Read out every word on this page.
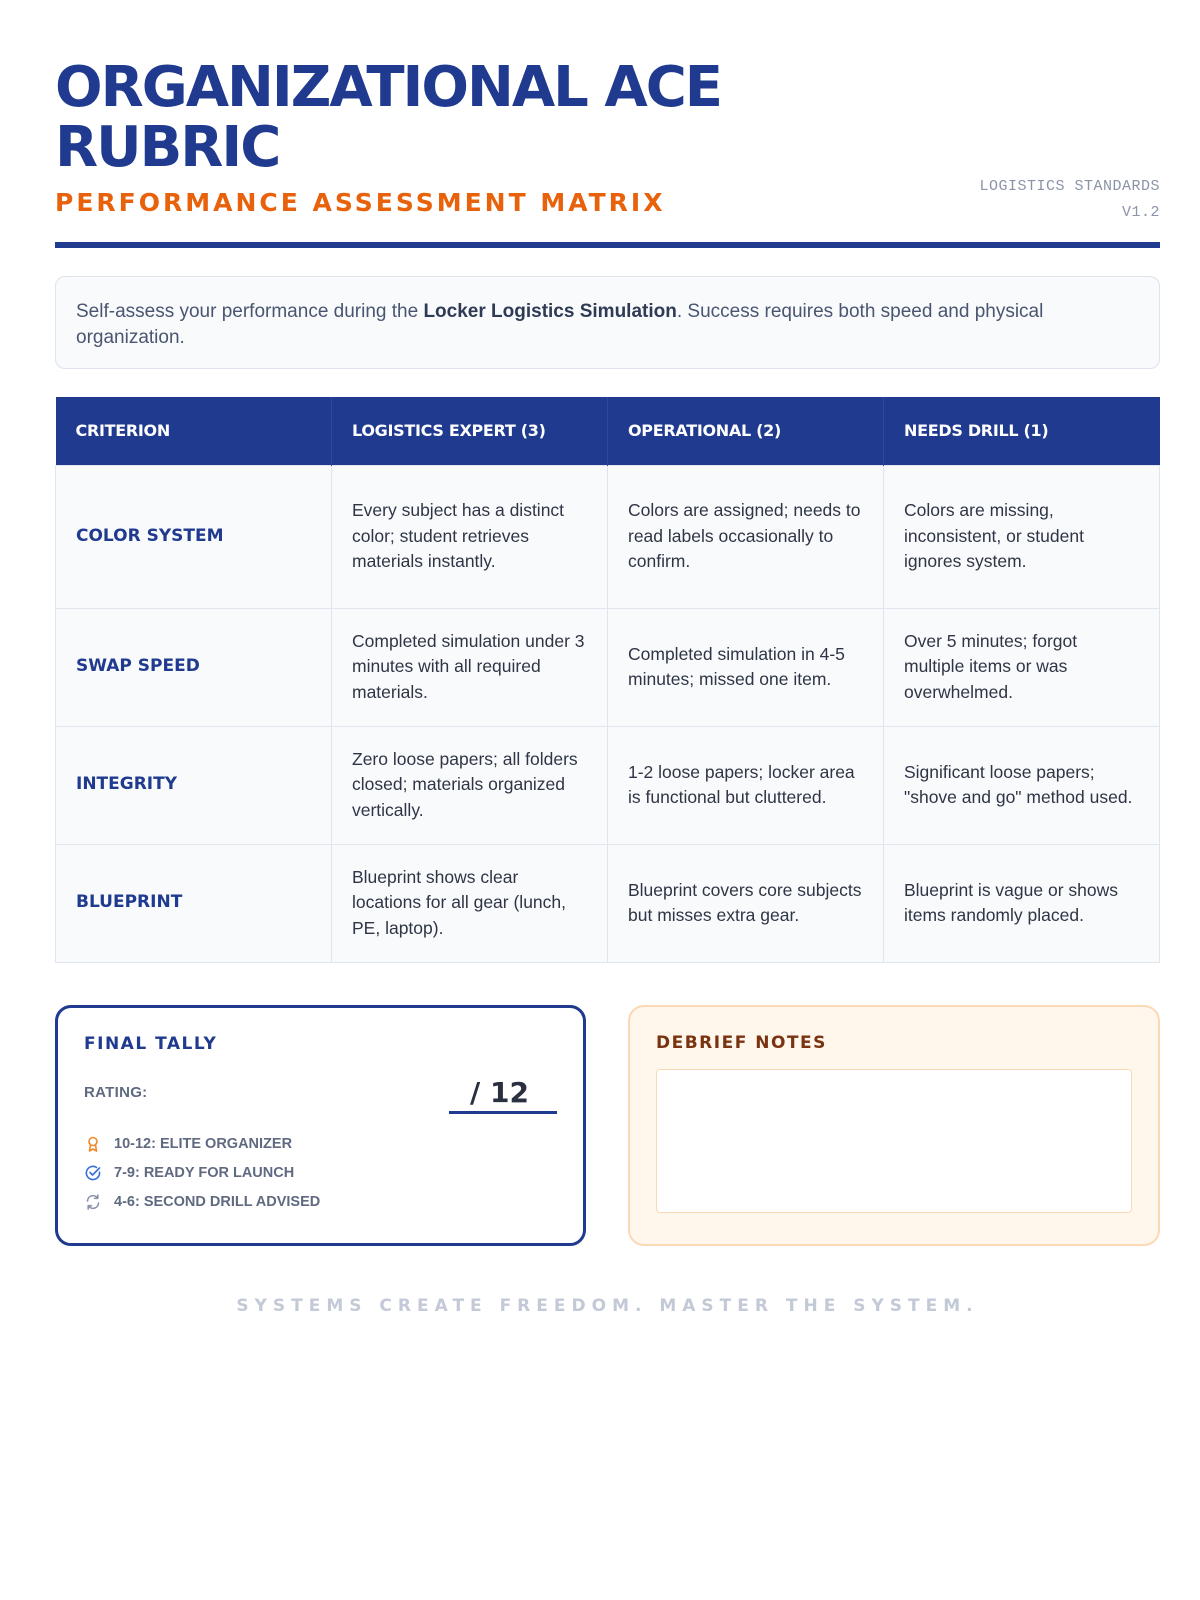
ORGANIZATIONAL ACE RUBRIC
PERFORMANCE ASSESSMENT MATRIX
LOGISTICS STANDARDS
V1.2
Self-assess your performance during the Locker Logistics Simulation. Success requires both speed and physical organization.
CRITERION	LOGISTICS EXPERT (3)	OPERATIONAL (2)	NEEDS DRILL (1)
COLOR SYSTEM	Every subject has a distinct color; student retrieves materials instantly.	Colors are assigned; needs to read labels occasionally to confirm.	Colors are missing, inconsistent, or student ignores system.
SWAP SPEED	Completed simulation under 3 minutes with all required materials.	Completed simulation in 4-5 minutes; missed one item.	Over 5 minutes; forgot multiple items or was overwhelmed.
INTEGRITY	Zero loose papers; all folders closed; materials organized vertically.	1-2 loose papers; locker area is functional but cluttered.	Significant loose papers; "shove and go" method used.
BLUEPRINT	Blueprint shows clear locations for all gear (lunch, PE, laptop).	Blueprint covers core subjects but misses extra gear.	Blueprint is vague or shows items randomly placed.
FINAL TALLY
RATING:	/ 12
10-12: ELITE ORGANIZER
7-9: READY FOR LAUNCH
4-6: SECOND DRILL ADVISED
DEBRIEF NOTES
SYSTEMS CREATE FREEDOM. MASTER THE SYSTEM.
